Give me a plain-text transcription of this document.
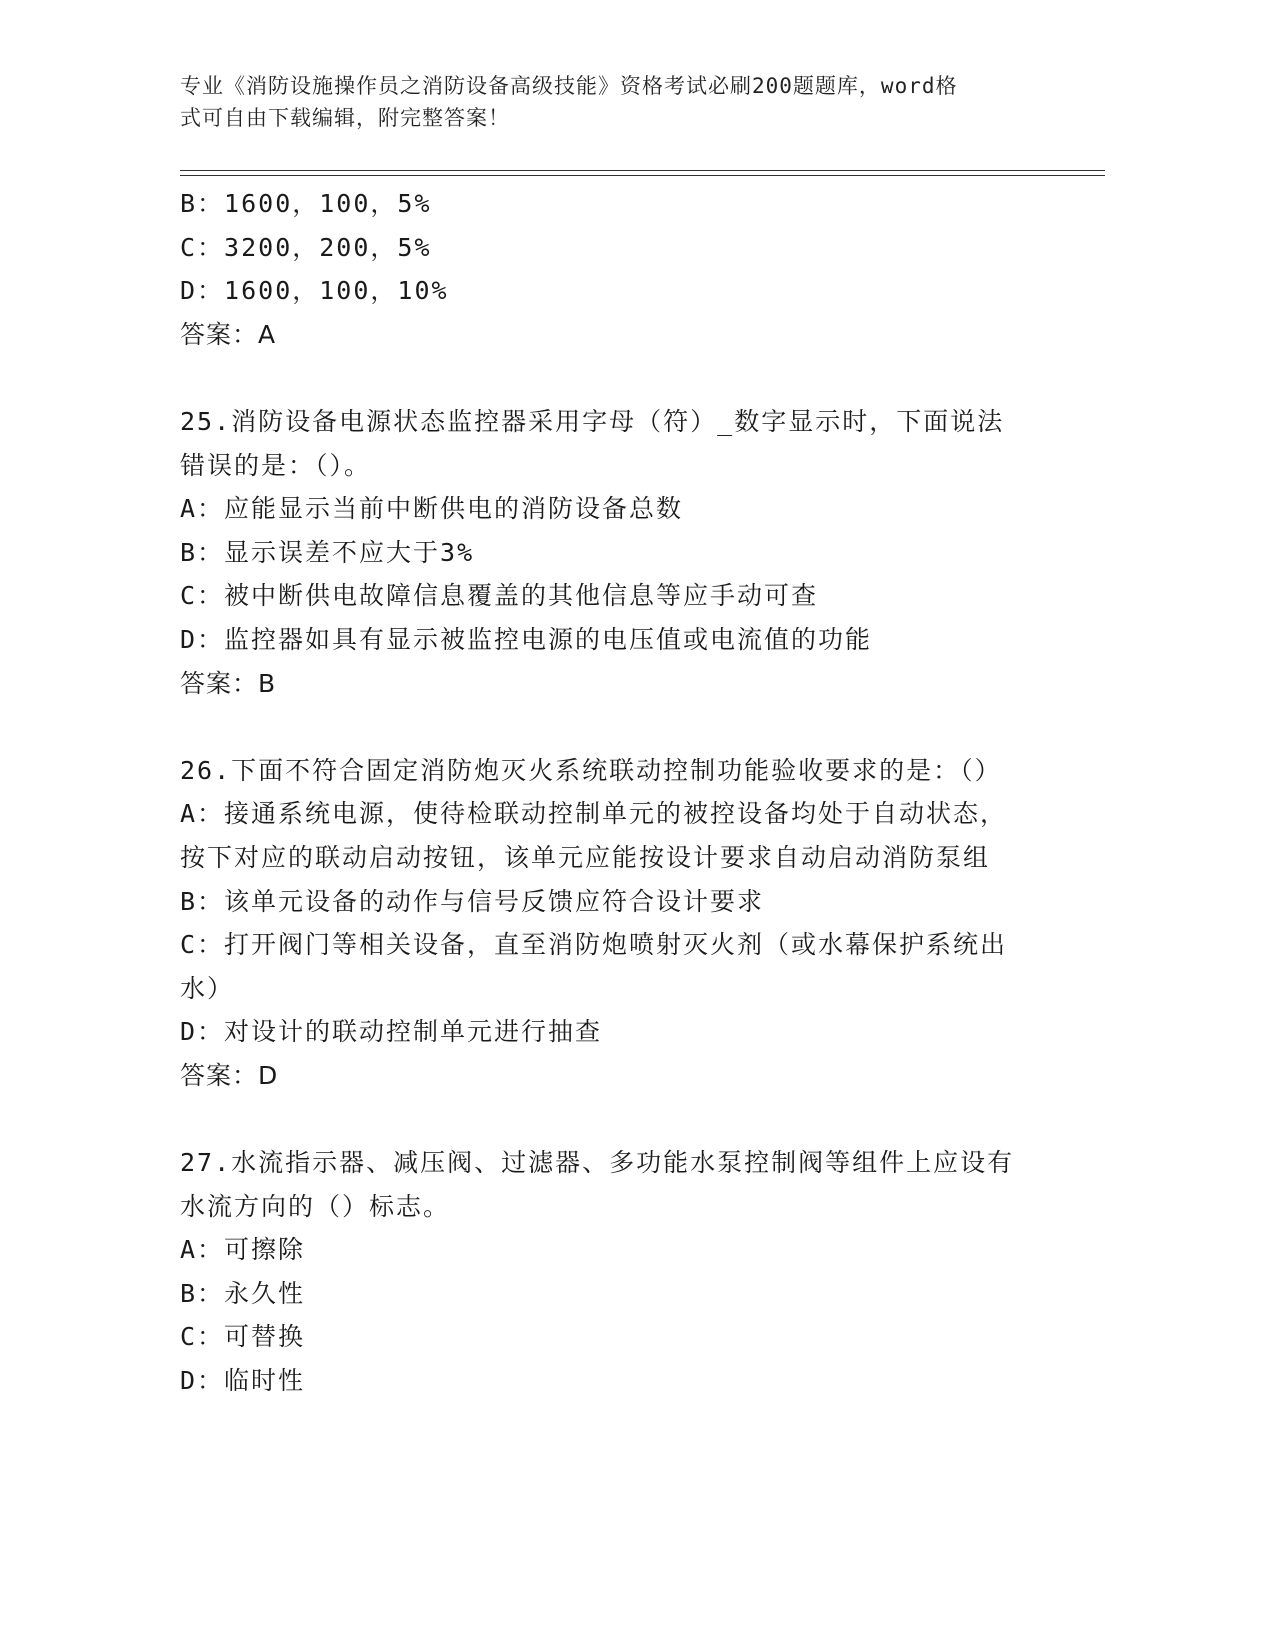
专业《消防设施操作员之消防设备高级技能》资格考试必刷200题题库，word格
式可自由下载编辑，附完整答案！
B：1600，100，5%
C：3200，200，5%
D：1600，100，10%
答案：A
25.消防设备电源状态监控器采用字母（符）_数字显示时，下面说法
错误的是：（）。
A：应能显示当前中断供电的消防设备总数
B：显示误差不应大于3%
C：被中断供电故障信息覆盖的其他信息等应手动可查
D：监控器如具有显示被监控电源的电压值或电流值的功能
答案：B
26.下面不符合固定消防炮灭火系统联动控制功能验收要求的是：（）
A：接通系统电源，使待检联动控制单元的被控设备均处于自动状态，
按下对应的联动启动按钮，该单元应能按设计要求自动启动消防泵组
B：该单元设备的动作与信号反馈应符合设计要求
C：打开阀门等相关设备，直至消防炮喷射灭火剂（或水幕保护系统出
水）
D：对设计的联动控制单元进行抽查
答案：D
27.水流指示器、减压阀、过滤器、多功能水泵控制阀等组件上应设有
水流方向的（）标志。
A：可擦除
B：永久性
C：可替换
D：临时性
